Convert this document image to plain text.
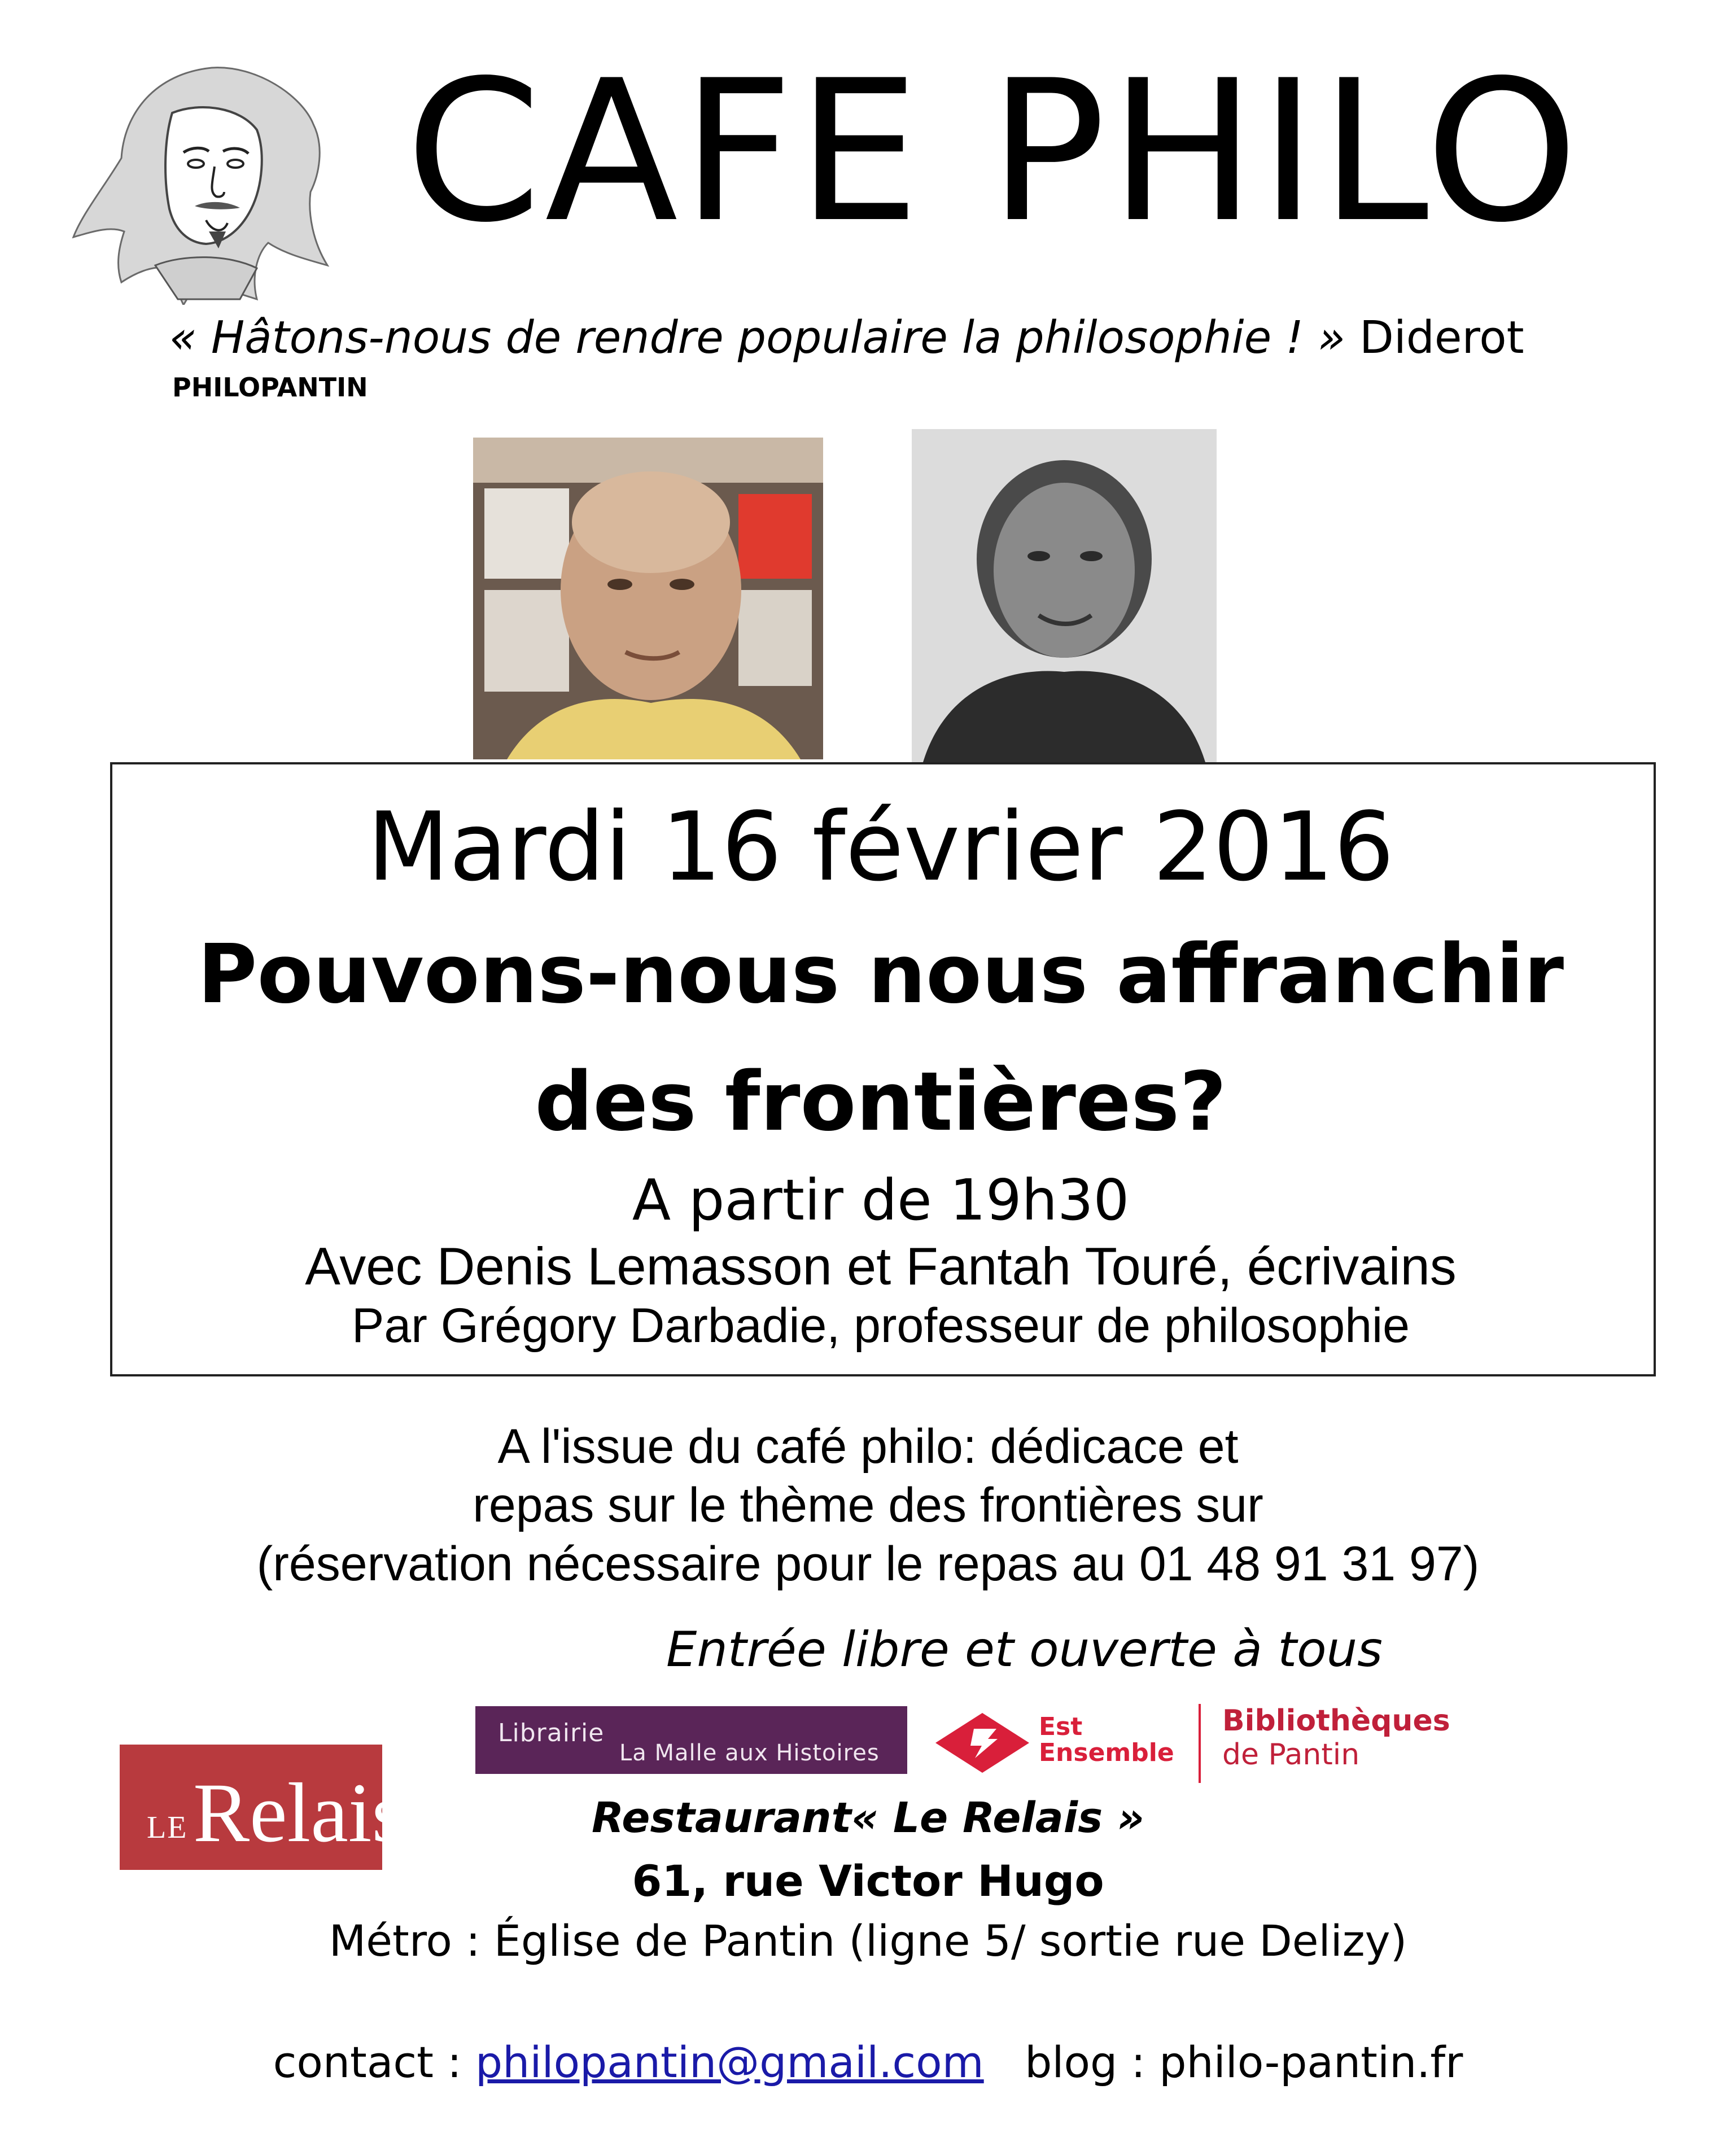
CAFE PHILO
« Hâtons-nous de rendre populaire la philosophie ! » Diderot
PHILOPANTIN
Mardi 16 février 2016
Pouvons-nous nous affranchir
des frontières?
A partir de 19h30
Avec Denis Lemasson et Fantah Touré, écrivains
Par Grégory Darbadie, professeur de philosophie
A l'issue du café philo: dédicace et
repas sur le thème des frontières sur
(réservation nécessaire pour le repas au 01 48 91 31 97)
Entrée libre et ouverte à tous
LE Relais
Librairie
La Malle aux Histoires
Est
Ensemble
Bibliothèques
de Pantin
Restaurant« Le Relais »
61, rue Victor Hugo
Métro : Église de Pantin (ligne 5/ sortie rue Delizy)
contact : philopantin@gmail.com blog : philo-pantin.fr
